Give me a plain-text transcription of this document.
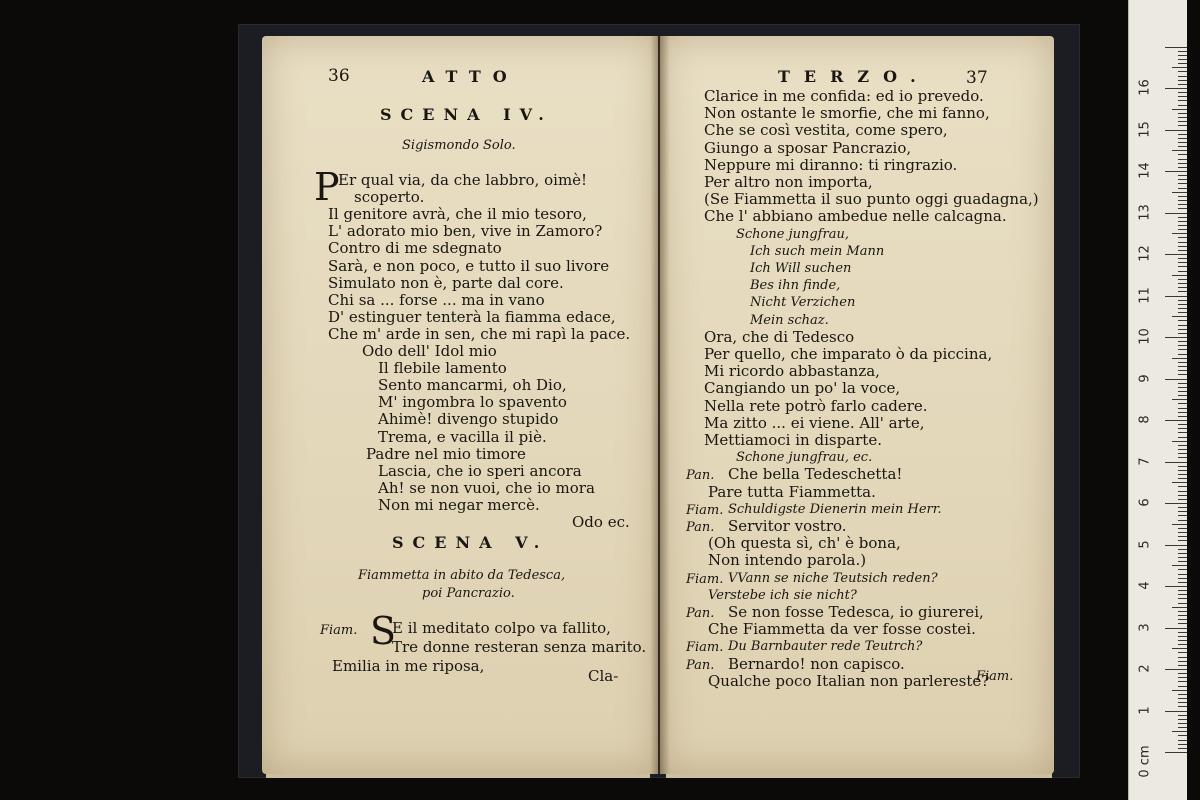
36	ATTO
SCENA IV.
Sigismondo Solo.
P
Er qual via, da che labbro, oimè!
scoperto.
Il genitore avrà, che il mio tesoro,
L' adorato mio ben, vive in Zamoro?
Contro di me sdegnato
Sarà, e non poco, e tutto il suo livore
Simulato non è, parte dal core.
Chi sa ... forse ... ma in vano
D' estinguer tenterà la fiamma edace,
Che m' arde in sen, che mi rapì la pace.
Odo dell' Idol mio
Il flebile lamento
Sento mancarmi, oh Dio,
M' ingombra lo spavento
Ahimè! divengo stupido
Trema, e vacilla il piè.
Padre nel mio timore
Lascia, che io speri ancora
Ah! se non vuoi, che io mora
Non mi negar mercè.
Odo ec.
SCENA V.
Fiammetta in abito da Tedesca,
poi Pancrazio.
Fiam. S
E il meditato colpo va fallito,
Tre donne resteran senza marito.
Emilia in me riposa,
Cla-
TERZO. 37
Clarice in me confida: ed io prevedo.
Non ostante le smorfie, che mi fanno,
Che se così vestita, come spero,
Giungo a sposar Pancrazio,
Neppure mi diranno: ti ringrazio.
Per altro non importa,
(Se Fiammetta il suo punto oggi guadagna,)
Che l' abbiano ambedue nelle calcagna.
Schone jungfrau,
Ich such mein Mann
Ich Will suchen
Bes ihn finde,
Nicht Verzichen
Mein schaz.
Ora, che di Tedesco
Per quello, che imparato ò da piccina,
Mi ricordo abbastanza,
Cangiando un po' la voce,
Nella rete potrò farlo cadere.
Ma zitto ... ei viene. All' arte,
Mettiamoci in disparte.
Schone jungfrau, ec.
Pan. Che bella Tedeschetta!
Pare tutta Fiammetta.
Fiam. Schuldigste Dienerin mein Herr.
Pan. Servitor vostro.
(Oh questa sì, ch' è bona,
Non intendo parola.)
Fiam. VVann se niche Teutsich reden?
Verstebe ich sie nicht?
Pan. Se non fosse Tedesca, io giurerei,
Che Fiammetta da ver fosse costei.
Fiam. Du Barnbauter rede Teutrch?
Pan. Bernardo! non capisco.
Qualche poco Italian non parlereste?
Fiam.
16
15
14
13
12
11
10
9
8
7
6
5
4
3
2
1
0 cm
